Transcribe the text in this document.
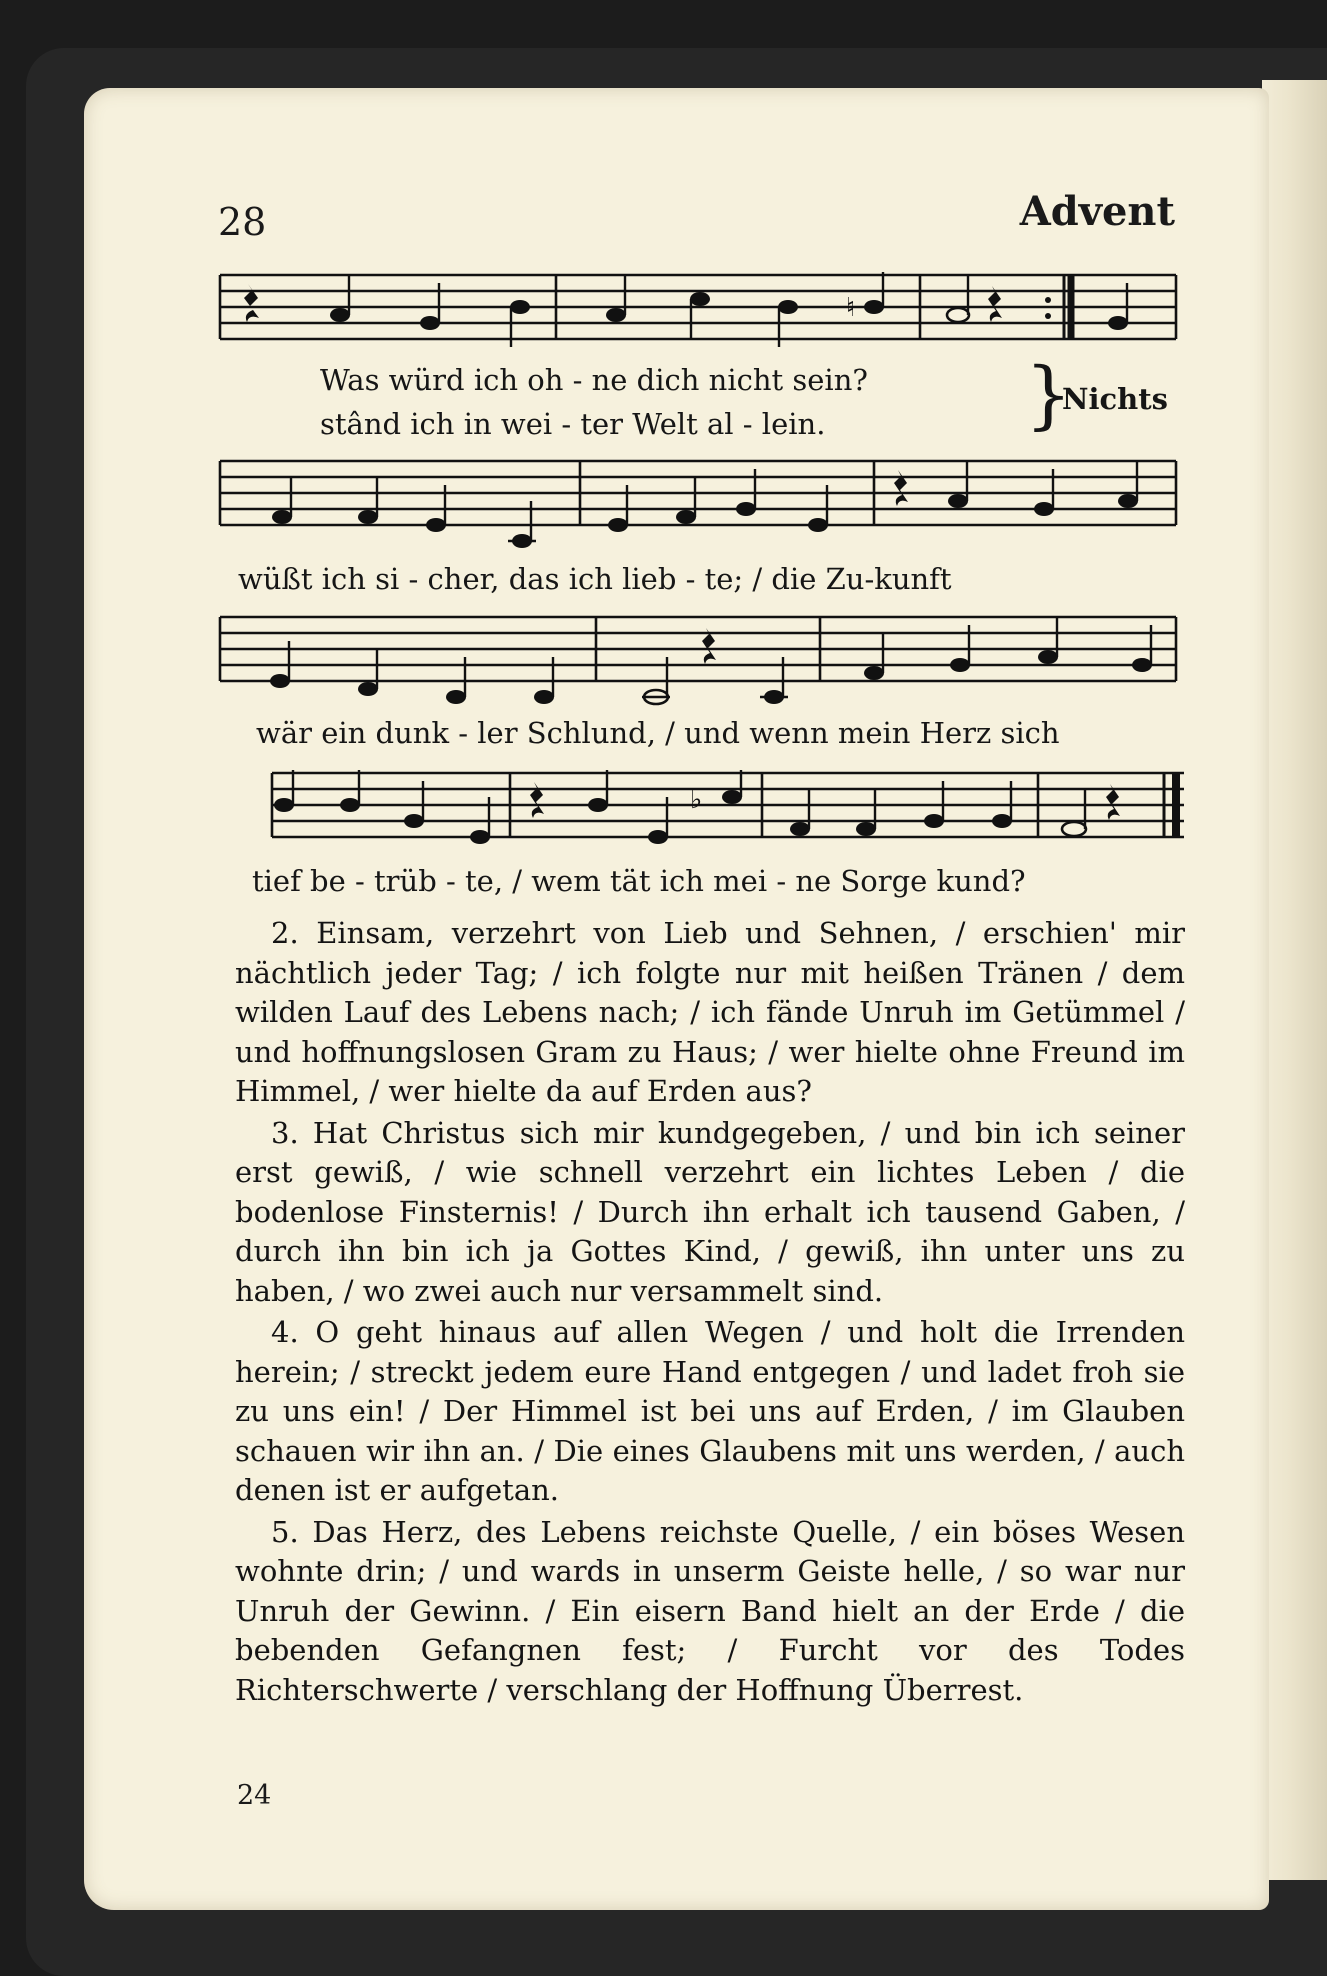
28	Advent
♮
Was würd ich oh - ne dich nicht sein?
stând ich in wei - ter Welt al - lein.	}
Nichts
wüßt ich si - cher, das ich lieb - te; / die Zu-kunft
wär ein dunk - ler Schlund, / und wenn mein Herz sich
♭
tief be - trüb - te, / wem tät ich mei - ne Sorge kund?

2. Einsam, verzehrt von Lieb und Sehnen, / erschien' mir nächtlich jeder Tag; / ich folgte nur mit heißen Tränen / dem wilden Lauf des Lebens nach; / ich fände Unruh im Getümmel / und hoffnungslosen Gram zu Haus; / wer hielte ohne Freund im Himmel, / wer hielte da auf Erden aus?

3. Hat Christus sich mir kundgegeben, / und bin ich seiner erst gewiß, / wie schnell verzehrt ein lichtes Leben / die bodenlose Finsternis! / Durch ihn erhalt ich tausend Gaben, / durch ihn bin ich ja Gottes Kind, / gewiß, ihn unter uns zu haben, / wo zwei auch nur versammelt sind.

4. O geht hinaus auf allen Wegen / und holt die Irrenden herein; / streckt jedem eure Hand entgegen / und ladet froh sie zu uns ein! / Der Himmel ist bei uns auf Erden, / im Glauben schauen wir ihn an. / Die eines Glaubens mit uns werden, / auch denen ist er aufgetan.

5. Das Herz, des Lebens reichste Quelle, / ein böses Wesen wohnte drin; / und wards in unserm Geiste helle, / so war nur Unruh der Gewinn. / Ein eisern Band hielt an der Erde / die bebenden Gefangnen fest; / Furcht vor des Todes Richterschwerte / verschlang der Hoffnung Überrest.

24
